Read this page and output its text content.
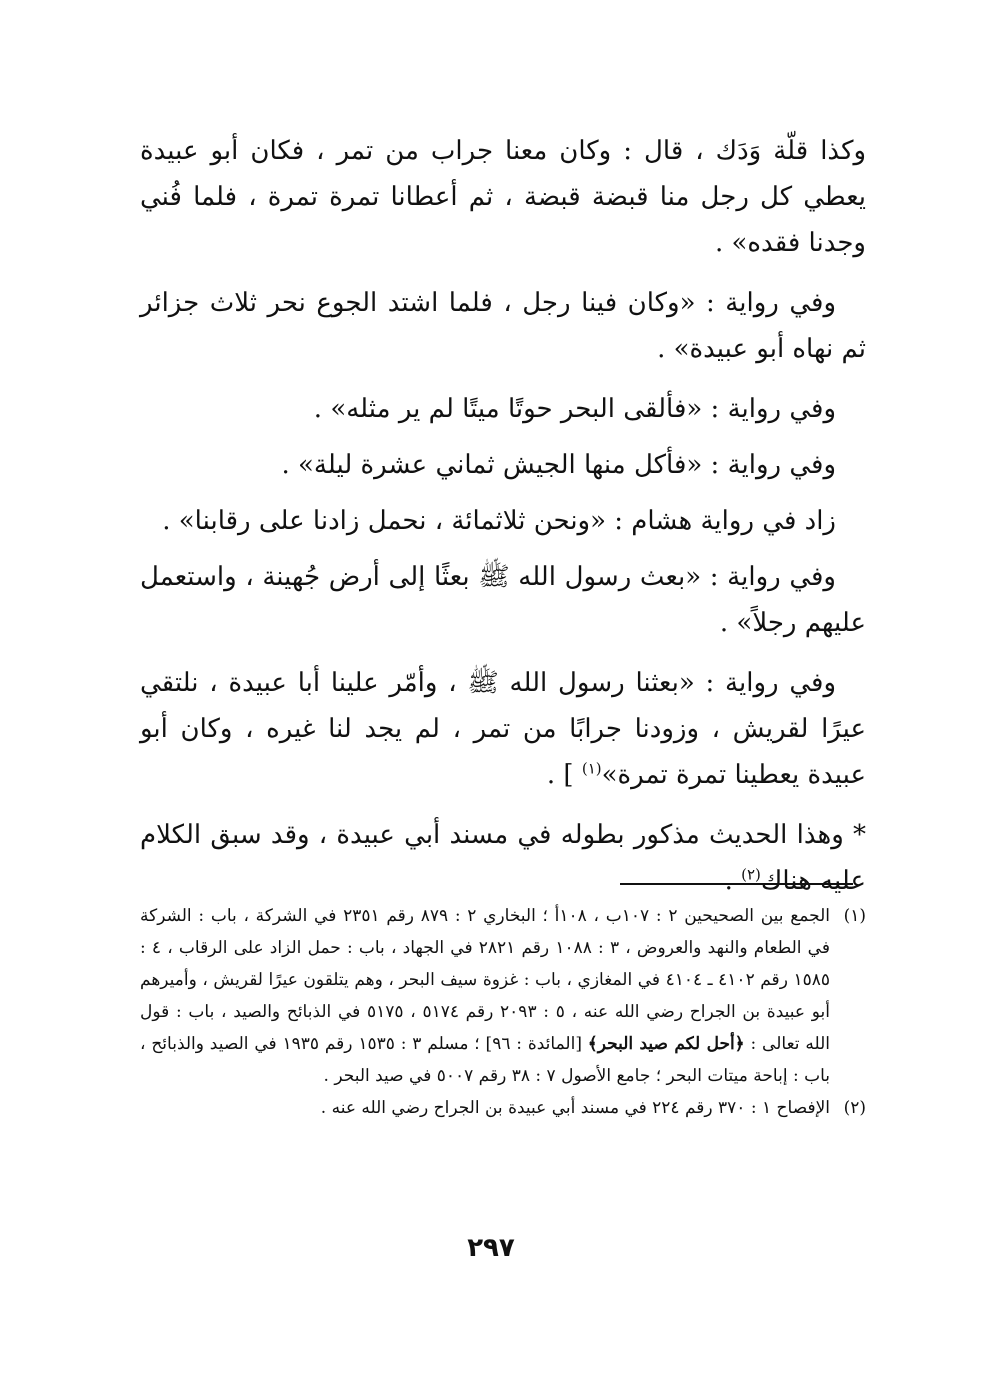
وكذا قلّة وَدَك ، قال : وكان معنا جراب من تمر ، فكان أبو عبيدة يعطي كل رجل منا قبضة قبضة ، ثم أعطانا تمرة تمرة ، فلما فُني وجدنا فقده» .

وفي رواية : «وكان فينا رجل ، فلما اشتد الجوع نحر ثلاث جزائر ثم نهاه أبو عبيدة» .

وفي رواية : «فألقى البحر حوتًا ميتًا لم ير مثله» .

وفي رواية : «فأكل منها الجيش ثماني عشرة ليلة» .

زاد في رواية هشام : «ونحن ثلاثمائة ، نحمل زادنا على رقابنا» .

وفي رواية : «بعث رسول الله ﷺ بعثًا إلى أرض جُهينة ، واستعمل عليهم رجلاً» .

وفي رواية : «بعثنا رسول الله ﷺ ، وأمّر علينا أبا عبيدة ، نلتقي عيرًا لقريش ، وزودنا جرابًا من تمر ، لم يجد لنا غيره ، وكان أبو عبيدة يعطينا تمرة تمرة»$^{(١)}$ ] .

* وهذا الحديث مذكور بطوله في مسند أبي عبيدة ، وقد سبق الكلام عليه هناك$^{(٢)}$ .

(١)
الجمع بين الصحيحين ٢ : ١٠٧ب ، ١٠٨أ ؛ البخاري ٢ : ٨٧٩ رقم ٢٣٥١ في الشركة ، باب : الشركة في الطعام والنهد والعروض ، ٣ : ١٠٨٨ رقم ٢٨٢١ في الجهاد ، باب : حمل الزاد على الرقاب ، ٤ : ١٥٨٥ رقم ٤١٠٢ ـ ٤١٠٤ في المغازي ، باب : غزوة سيف البحر ، وهم يتلقون عيرًا لقريش ، وأميرهم أبو عبيدة بن الجراح رضي الله عنه ، ٥ : ٢٠٩٣ رقم ٥١٧٤ ، ٥١٧٥ في الذبائح والصيد ، باب : قول الله تعالى : ﴿أحل لكم صيد البحر﴾ [المائدة : ٩٦] ؛ مسلم ٣ : ١٥٣٥ رقم ١٩٣٥ في الصيد والذبائح ، باب : إباحة ميتات البحر ؛ جامع الأصول ٧ : ٣٨ رقم ٥٠٠٧ في صيد البحر .

(٢)
الإفصاح ١ : ٣٧٠ رقم ٢٢٤ في مسند أبي عبيدة بن الجراح رضي الله عنه .

٢٩٧
